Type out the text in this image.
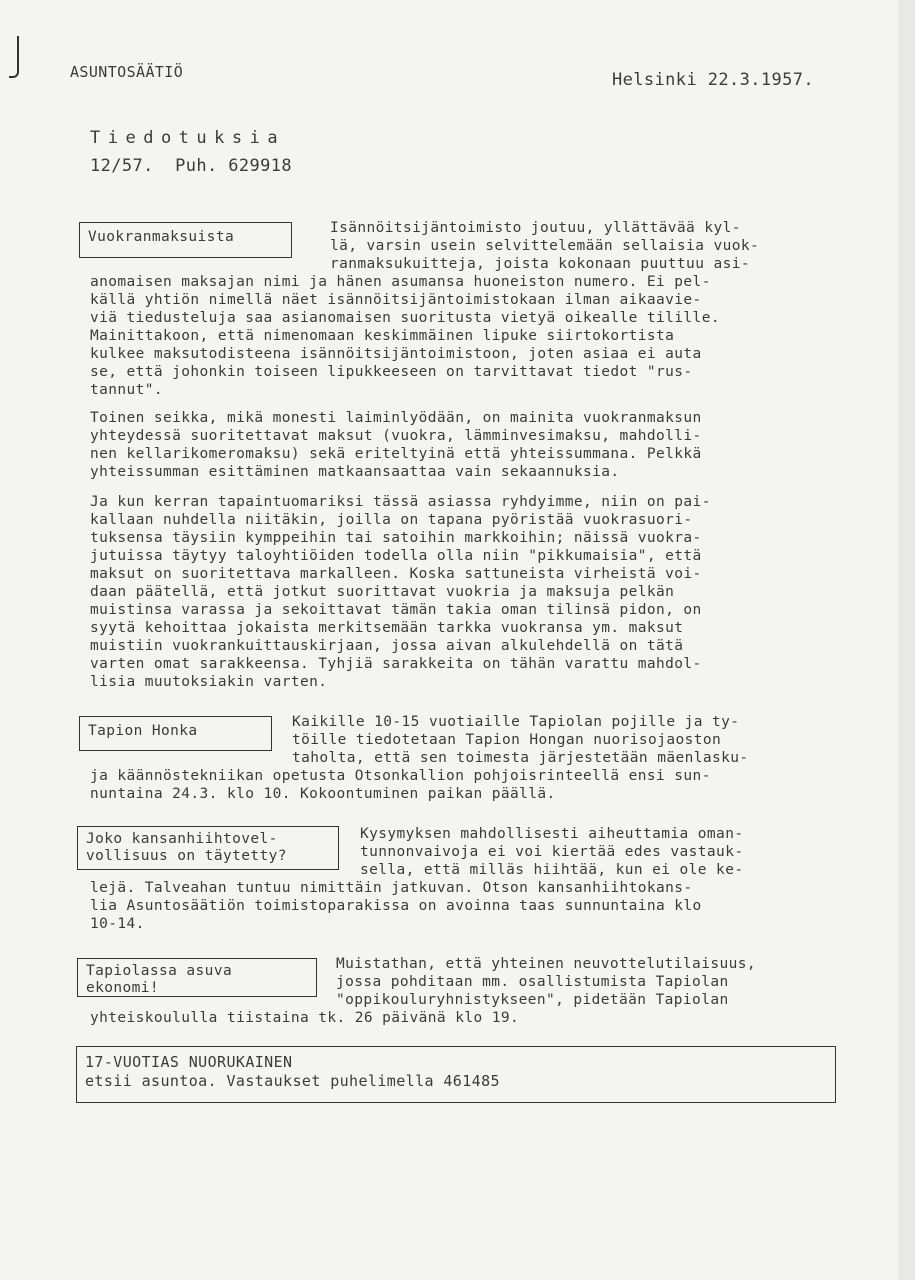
ASUNTOSÄÄTIÖ	Helsinki 22.3.1957.
Tiedotuksia
12/57.  Puh. 629918
Vuokranmaksuista
Isännöitsijäntoimisto joutuu, yllättävää kyl-
lä, varsin usein selvittelemään sellaisia vuok-
ranmaksukuitteja, joista kokonaan puuttuu asi-
anomaisen maksajan nimi ja hänen asumansa huoneiston numero. Ei pel-
källä yhtiön nimellä näet isännöitsijäntoimistokaan ilman aikaavie-
viä tiedusteluja saa asianomaisen suoritusta vietyä oikealle tilille.
Mainittakoon, että nimenomaan keskimmäinen lipuke siirtokortista
kulkee maksutodisteena isännöitsijäntoimistoon, joten asiaa ei auta
se, että johonkin toiseen lipukkeeseen on tarvittavat tiedot "rus-
tannut".
Toinen seikka, mikä monesti laiminlyödään, on mainita vuokranmaksun
yhteydessä suoritettavat maksut (vuokra, lämminvesimaksu, mahdolli-
nen kellarikomeromaksu) sekä eriteltyinä että yhteissummana. Pelkkä
yhteissumman esittäminen matkaansaattaa vain sekaannuksia.
Ja kun kerran tapaintuomariksi tässä asiassa ryhdyimme, niin on pai-
kallaan nuhdella niitäkin, joilla on tapana pyöristää vuokrasuori-
tuksensa täysiin kymppeihin tai satoihin markkoihin; näissä vuokra-
jutuissa täytyy taloyhtiöiden todella olla niin "pikkumaisia", että
maksut on suoritettava markalleen. Koska sattuneista virheistä voi-
daan päätellä, että jotkut suorittavat vuokria ja maksuja pelkän
muistinsa varassa ja sekoittavat tämän takia oman tilinsä pidon, on
syytä kehoittaa jokaista merkitsemään tarkka vuokransa ym. maksut
muistiin vuokrankuittauskirjaan, jossa aivan alkulehdellä on tätä
varten omat sarakkeensa. Tyhjiä sarakkeita on tähän varattu mahdol-
lisia muutoksiakin varten.
Tapion Honka
Kaikille 10-15 vuotiaille Tapiolan pojille ja ty-
töille tiedotetaan Tapion Hongan nuorisojaoston
taholta, että sen toimesta järjestetään mäenlasku-
ja käännöstekniikan opetusta Otsonkallion pohjoisrinteellä ensi sun-
nuntaina 24.3. klo 10. Kokoontuminen paikan päällä.
Joko kansanhiihtovel-
vollisuus on täytetty?
Kysymyksen mahdollisesti aiheuttamia oman-
tunnonvaivoja ei voi kiertää edes vastauk-
sella, että milläs hiihtää, kun ei ole ke-
lejä. Talveahan tuntuu nimittäin jatkuvan. Otson kansanhiihtokans-
lia Asuntosäätiön toimistoparakissa on avoinna taas sunnuntaina klo
10-14.
Tapiolassa asuva
ekonomi!
Muistathan, että yhteinen neuvottelutilaisuus,
jossa pohditaan mm. osallistumista Tapiolan
"oppikouluryhnistykseen", pidetään Tapiolan
yhteiskoululla tiistaina tk. 26 päivänä klo 19.
17-VUOTIAS NUORUKAINEN
etsii asuntoa. Vastaukset puhelimella 461485
